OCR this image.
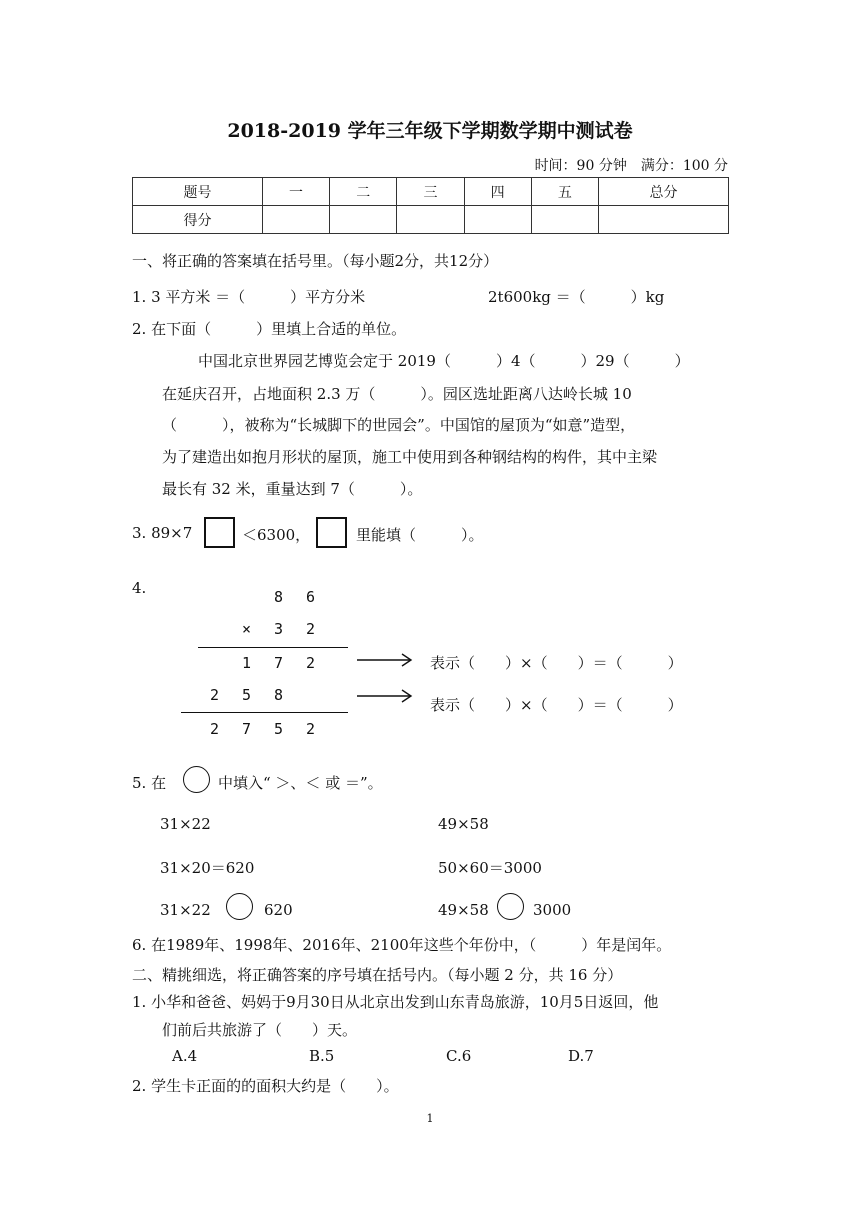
2018-2019 学年三年级下学期数学期中测试卷
时间：90 分钟　满分：100 分
题号	一	二	三	四	五	总分
得分						
一、将正确的答案填在括号里。（每小题2分，共12分）
1. 3 平方米 ＝（　　　）平方分米	2t600kg ＝（　　　）kg
2. 在下面（　　　）里填上合适的单位。
中国北京世界园艺博览会定于 2019（　　　）4（　　　）29（　　　）
在延庆召开，占地面积 2.3 万（　　　）。园区选址距离八达岭长城 10
（　　　），被称为“长城脚下的世园会”。中国馆的屋顶为“如意”造型，
为了建造出如抱月形状的屋顶，施工中使用到各种钢结构的构件，其中主梁
最长有 32 米，重量达到 7（　　　）。
3. 89×7	＜6300，	里能填（　　　）。
4.	8 6
× 3 2
1 7 2
2 5 8
2 7 5 2
表示（　　）×（　　）＝（　　　）
表示（　　）×（　　）＝（　　　）
5. 在	中填入“ ＞、＜ 或 ＝”。
31×22	49×58
31×20＝620	50×60＝3000
31×22	620	49×58	3000
6. 在1989年、1998年、2016年、2100年这些个年份中，（　　　）年是闰年。
二、精挑细选，将正确答案的序号填在括号内。（每小题 2 分，共 16 分）
1. 小华和爸爸、妈妈于9月30日从北京出发到山东青岛旅游，10月5日返回，他
们前后共旅游了（　　）天。
A.4	B.5	C.6	D.7
2. 学生卡正面的的面积大约是（　　）。
1
